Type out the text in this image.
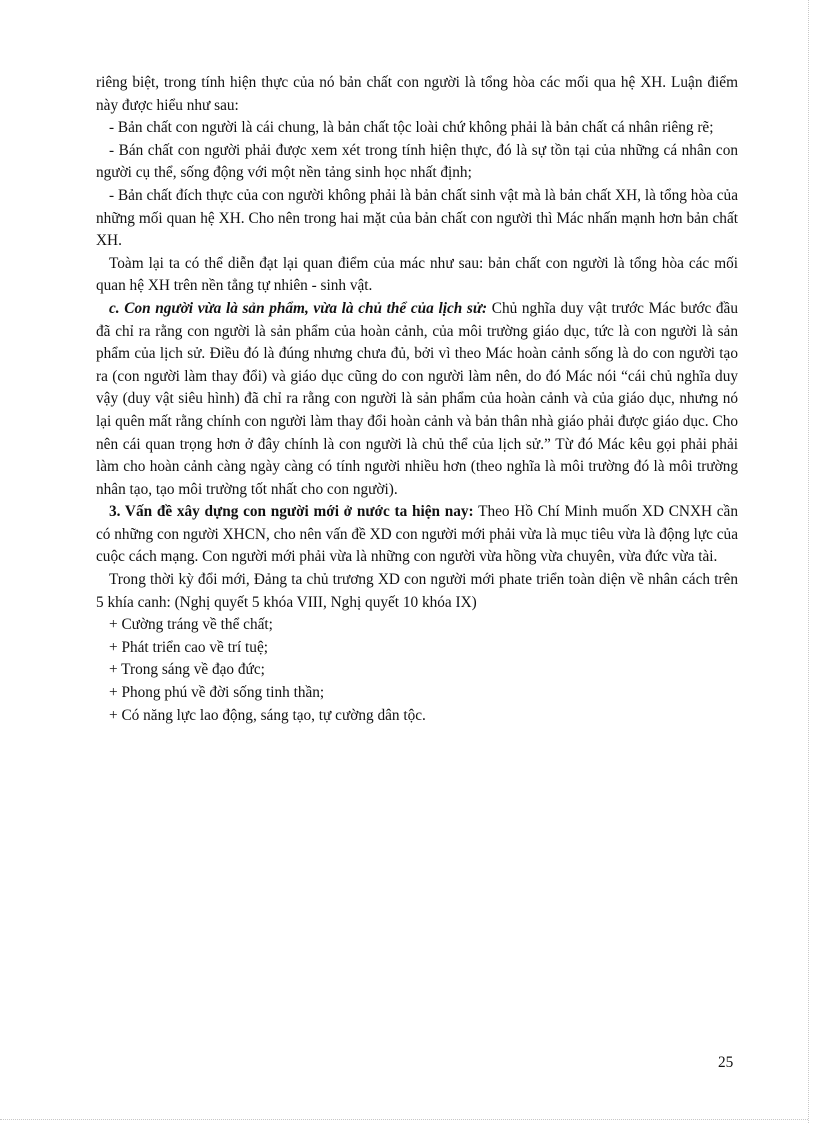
riêng biệt, trong tính hiện thực của nó bản chất con người là tổng hòa các mối qua hệ XH. Luận điểm này được hiểu như sau:

- Bản chất con người là cái chung, là bản chất tộc loài chứ không phải là bản chất cá nhân riêng rẽ;

- Bán chất con người phải được xem xét trong tính hiện thực, đó là sự tồn tại của những cá nhân con người cụ thể, sống động với một nền tảng sinh học nhất định;

- Bản chất đích thực của con người không phải là bản chất sinh vật mà là bản chất XH, là tổng hòa của những mối quan hệ XH. Cho nên trong hai mặt của bản chất con người thì Mác nhấn mạnh hơn bản chất XH.

Toàm lại ta có thể diễn đạt lại quan điểm của mác như sau: bản chất con người là tổng hòa các mối quan hệ XH trên nền tẳng tự nhiên - sinh vật.

c. Con người vừa là sản phẩm, vừa là chủ thể của lịch sử: Chủ nghĩa duy vật trước Mác bước đầu đã chỉ ra rằng con người là sản phẩm của hoàn cảnh, của môi trường giáo dục, tức là con người là sản phẩm của lịch sử. Điều đó là đúng nhưng chưa đủ, bởi vì theo Mác hoàn cảnh sống là do con người tạo ra (con người làm thay đổi) và giáo dục cũng do con người làm nên, do đó Mác nói “cái chủ nghĩa duy vậy (duy vật siêu hình) đã chỉ ra rằng con người là sản phẩm của hoàn cảnh và của giáo dục, nhưng nó lại quên mất rằng chính con người làm thay đổi hoàn cảnh và bản thân nhà giáo phải được giáo dục. Cho nên cái quan trọng hơn ở đây chính là con người là chủ thể của lịch sử.” Từ đó Mác kêu gọi phải phải làm cho hoàn cảnh càng ngày càng có tính người nhiều hơn (theo nghĩa là môi trường đó là môi trường nhân tạo, tạo môi trường tốt nhất cho con người).

3. Vấn đề xây dựng con người mới ở nước ta hiện nay: Theo Hồ Chí Minh muốn XD CNXH cần có những con người XHCN, cho nên vấn đề XD con người mới phải vừa là mục tiêu vừa là động lực của cuộc cách mạng. Con người mới phải vừa là những con người vừa hồng vừa chuyên, vừa đức vừa tài.

Trong thời kỳ đổi mới, Đảng ta chủ trương XD con người mới phate triển toàn diện về nhân cách trên 5 khía canh: (Nghị quyết 5 khóa VIII, Nghị quyết 10 khóa IX)

+ Cường tráng về thể chất;

+ Phát triển cao về trí tuệ;

+ Trong sáng về đạo đức;

+ Phong phú về đời sống tinh thần;

+ Có năng lực lao động, sáng tạo, tự cường dân tộc.

25
